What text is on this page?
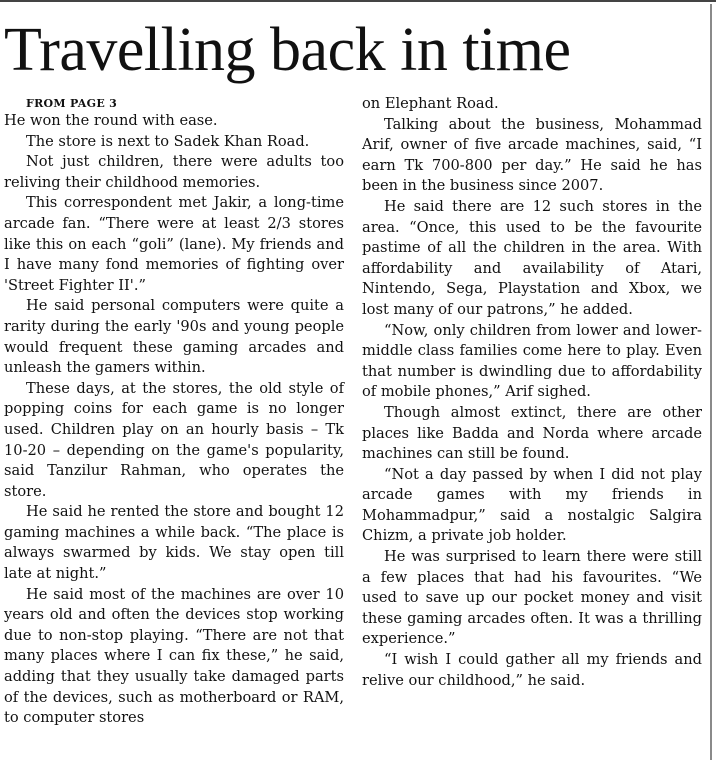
Travelling back in time

FROM PAGE 3

He won the round with ease.

The store is next to Sadek Khan Road.

Not just children, there were adults too reliving their childhood memories.

This correspondent met Jakir, a long-time arcade fan. “There were at least 2/3 stores like this on each “goli” (lane). My friends and I have many fond memories of fighting over 'Street Fighter II'.”

He said personal computers were quite a rarity during the early '90s and young people would frequent these gaming arcades and unleash the gamers within.

These days, at the stores, the old style of popping coins for each game is no longer used. Children play on an hourly basis – Tk 10-20 – depending on the game's popularity, said Tanzilur Rahman, who operates the store.

He said he rented the store and bought 12 gaming machines a while back. “The place is always swarmed by kids. We stay open till late at night.”

He said most of the machines are over 10 years old and often the devices stop working due to non-stop playing. “There are not that many places where I can fix these,” he said, adding that they usually take damaged parts of the devices, such as motherboard or RAM, to computer stores

on Elephant Road.

Talking about the business, Mohammad Arif, owner of five arcade machines, said, “I earn Tk 700-800 per day.” He said he has been in the business since 2007.

He said there are 12 such stores in the area. “Once, this used to be the favourite pastime of all the children in the area. With affordability and availability of Atari, Nintendo, Sega, Playstation and Xbox, we lost many of our patrons,” he added.

“Now, only children from lower and lower-middle class families come here to play. Even that number is dwindling due to affordability of mobile phones,” Arif sighed.

Though almost extinct, there are other places like Badda and Norda where arcade machines can still be found.

“Not a day passed by when I did not play arcade games with my friends in Mohammadpur,” said a nostalgic Salgira Chizm, a private job holder.

He was surprised to learn there were still a few places that had his favourites. “We used to save up our pocket money and visit these gaming arcades often. It was a thrilling experience.”

“I wish I could gather all my friends and relive our childhood,” he said.
